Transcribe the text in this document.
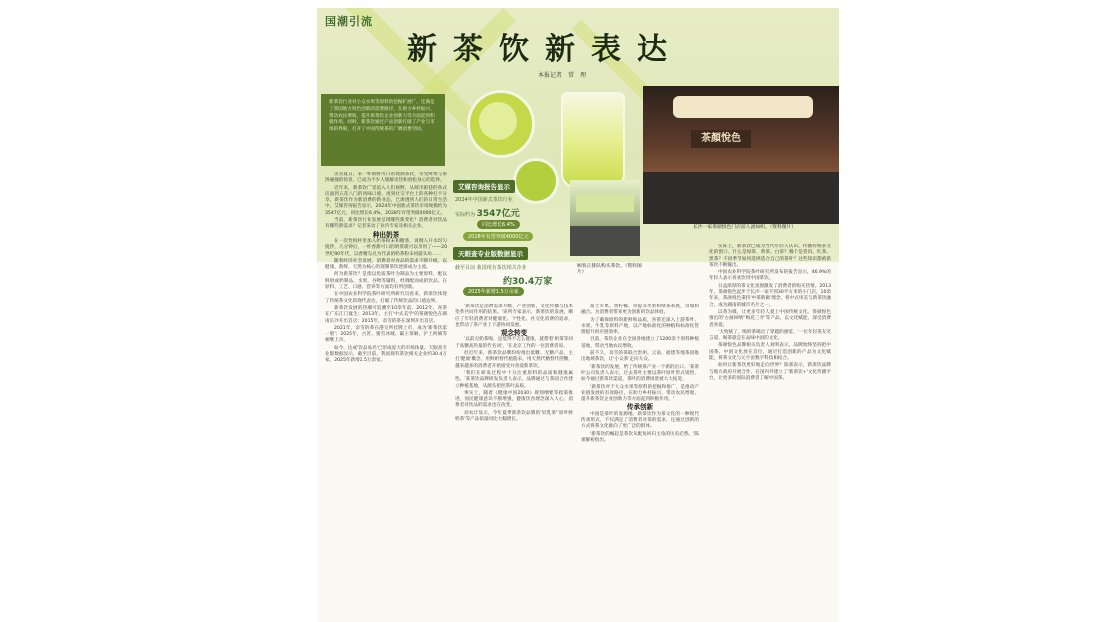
国潮引流
新茶饮新表达
本报记者　常　理
新茶饮行业对小众水果等原料的挖掘扩展广，还满足了我国地方特色创新的需要路径，在助力乡村振兴、带动农民增收，提升新茶饮企业创新力等方面起到积极作用。同时，新茶饮通过产品创新打破了产业与市场的界限，打开了中国传统茶的广阔消费空间。
艾媒咨询报告显示
2024年中国新式茶饮行业
实际约为 3547亿元
同比增长6.4%
2028年有望突破4000亿元
天眼查专业版数据显示
茶顏悅色
长沙一家茶颜悦色门店前人流如织。（资料图片）
截至目前 我国现有茶饮相关企业
约30.4万家
2025年新增1.5万余家
顾客正排队购买茶饮。（资料图片）

炎炎夏日，来一杯新鲜可口的现制茶饮，享受鲜果与茶汤碰撞的惊喜，已成为不少人缓解炎热和放松身心的选择。

近年来，新茶饮广受追入人们视野，从域市街巷的各式店面到五花八门的风味口感，再到社交平台上的各种打卡分享，新茶饮作为新消费的新业态，已渗透到人们的日常生活中。艾媒咨询报告显示，2024年中国新式茶饮市场规模约为3547亿元，同比增长6.4%，2028年有望突破4000亿元。

当前，新茶饮行业发展呈现哪些新变化？消费者对饮品有哪些新需求？记者采访了业内专家及相关企业。

种出奶茶

在一次性纸杯里加入奶茶粉末和糖浆，再倒入开水均匀搅拌，几分钟后，一杯香甜可口的奶茶就可以享用了——20世纪90年代，以香精勾兑为代表的奶茶粉末初露头角……

随着经济社会发展，消费者对食品的需求不断升级，以健康、新鲜、天然为核心的现制茶饮逐渐成为主流。

何为新茶饮？是指以优质茶叶为制品为主要原料，配以鲜奶或奶制品、水果、谷物等辅料，经调配而成的饮品。在原料、工艺、口感、营养等方面均有所创新。

在中国农业科学院茶叶研究所研究员看来，新茶饮体现了传统茶文化的现代表达，打破了传统饮品的口感边界。

新茶饮发展的热潮可追溯至10余年前。2012年，喜茶在广东江门诞生；2013年，主打'中式美学'的茶颜悦色在湖南长沙开出首店；2015年，奈雪的茶在深圳开出首店。

2021年，奈雪的茶在港交所挂牌上市，成为'新茶饮第一股'；2025年，古茗、蜜雪冰城、霸王茶姬、沪上阿姨等相继上市。

如今，达成'饮品易名'已形成庞大的市场体量。天眼查专业版数据显示，截至目前，我国现有茶饮相关企业约30.4万家，2025年新增1.5万余家。

'新茶饮是消费需求升级、产业创新、文化传播与技术变革共同作用的结果。'该所专家表示，新茶饮的发展，顺应了年轻消费者对健康化、个性化、社交化消费的追求，也带动了茶产业上下游协同发展。

观念转变

'以前点奶茶喝，总觉得不怎么健康，就想着'奶茶等同于高糖高热量的代名词'。'在北京工作的一位消费者说。

但近年来，新茶饮品牌纷纷推出低糖、无糖产品，主打'健康'概念，用鲜奶替代植脂末，用天然代糖替代蔗糖，越来越多的消费者开始接受并喜爱新茶饮。

'我们在研发过程中十分注重原料的品质和健康属性。'某茶饮品牌研发负责人表示，品牌通过与茶园合作建立种植基地，从源头把控茶叶品质。

事实上，随着《健康中国2030》规划纲要等政策推进，国民健康意识不断增强，健康饮食理念深入人心，消费者对饮品的需求也在改变。

羽农计显示，今年夏季新茶饮品牌的'轻乳茶''原叶鲜奶茶'等产品销量同比大幅增长。

富士苹果、黄柠檬、青提等水果和绿茶茶底，奇瑞和融合。为消费者带来更为创新的饮品体验。

为了确保原料的新鲜和品质，喜茶还深入上游茶叶、水果、牛乳等原料产地，以产地标准化的种植和标准化管理提升供应链效率。

目前，茶饮企业在全国各地建立了1200余个原料种植基地，带动当地农民增收。

前不久，奈雪的茶联合贵州、云南、福建等地茶园推出地域茶饮，让'小众茶'走向大众。

'新茶饮的发展，给了传统茶产业一个新的出口。'某茶叶公司负责人表示，过去茶叶主要以茶叶原叶形式销售，如今通过新茶饮渠道，茶叶的消费场景被大大拓宽。

'新茶饮对于大众水果等原料的挖掘和推广，是推动产业链发展的有效路径，在助力乡村振兴、带动农民增收、提升新茶饮企业创新力等方面起到积极作用。'

传承创新

中国是茶叶的发源地，新茶饮作为茶文化的一种现代传承形式，不仅满足了消费者对茶的需求，还通过创新的方式将茶文化推向了更广泛的群体。

'新茶饮的崛起是茶饮从配角回归主角的历史必然。'陈蕾解析指出。

实际上，新茶饮已成为当代年轻人认识、传播传统茶文化的窗口。什么是绿茶、黄茶、白茶？哪个是普洱、红茶、黑茶？不同季节如何选择适合自己的茶叶？这些知识都被新茶饮不断输出。

中国农业科学院茶叶研究所发布的报告显示，46.9%的年轻人表示喜欢饮用中国茶饮。

日益浓厚的茶文化氛围激发了消费者的购买热情。2013年，茶颜悦色起步于长沙一家不到30平方米的小门店，10余年来，茶颜悦色秉持'中茶新做'理念，将中式审美与新茶饮融合，成为湖南的城市名片之一。

以茶为媒，让更多年轻人爱上中国传统文化。茶颜悦色推出的'古画回响''梅花三弄'等产品，以文化赋能，深受消费者喜爱。

'大致统了，喝奶茶喝出了穿越的感觉。'一位年轻茶友笑言道，喝茶就是在品味中国的文化。

茶颜悦色品牌相关负责人刘明表示，品牌始终坚持把中国茶、中国文化放在首位，通过打造创新的产品为文化赋能，将茶文化与元宇宙数字科技相结合。

如何让新茶饮更好地走向世界？陈蕾表示，新茶饮品牌与地方政府开展合作，在国内外建立了'新茶饮+'文化传播平台，让更多的国际消费者了解中国茶。
